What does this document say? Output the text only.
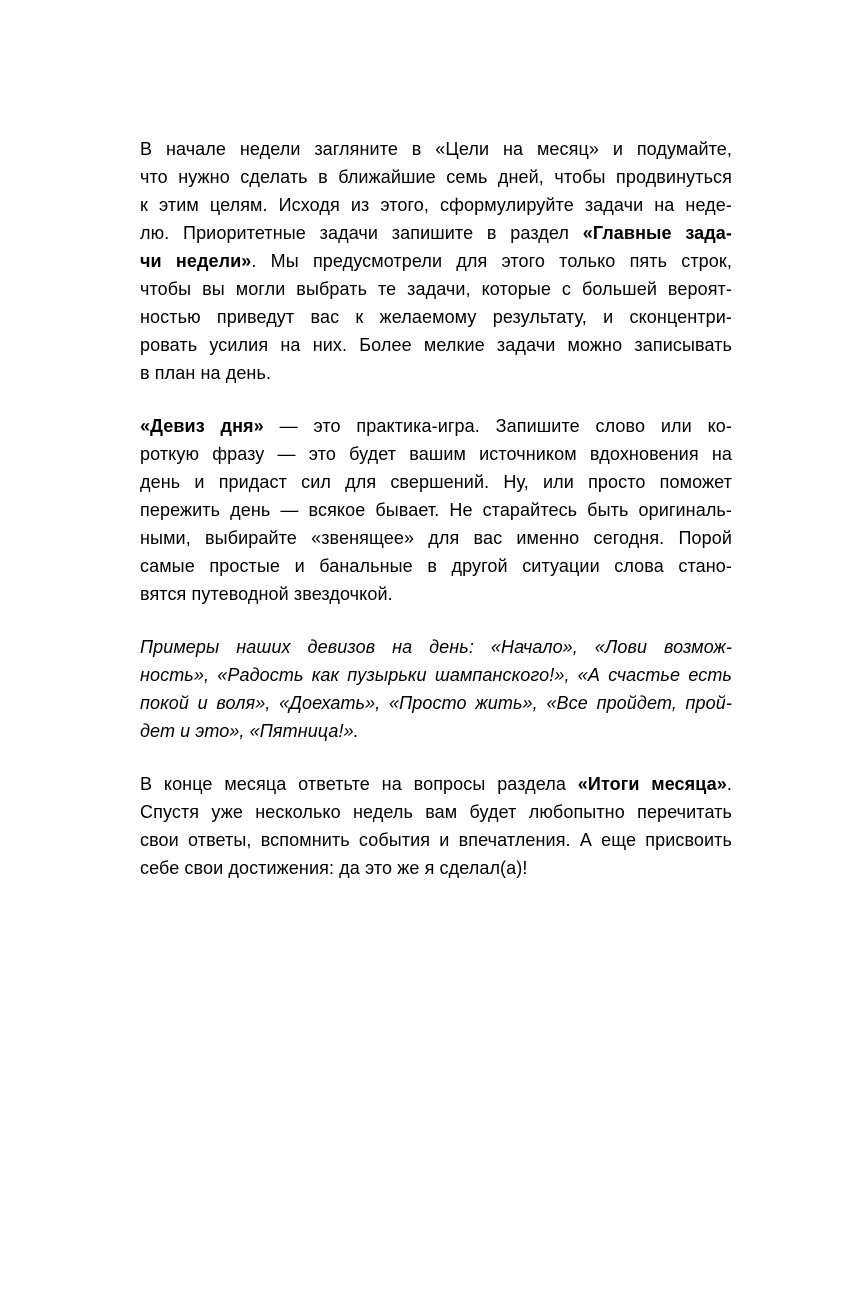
В начале недели загляните в «Цели на месяц» и подумайте,
что нужно сделать в ближайшие семь дней, чтобы продвинуться
к этим целям. Исходя из этого, сформулируйте задачи на неде-
лю. Приоритетные задачи запишите в раздел «Главные зада-
чи недели». Мы предусмотрели для этого только пять строк,
чтобы вы могли выбрать те задачи, которые с большей вероят-
ностью приведут вас к желаемому результату, и сконцентри-
ровать усилия на них. Более мелкие задачи можно записывать
в план на день.
«Девиз дня» — это практика-игра. Запишите слово или ко-
роткую фразу — это будет вашим источником вдохновения на
день и придаст сил для свершений. Ну, или просто поможет
пережить день — всякое бывает. Не старайтесь быть оригиналь-
ными, выбирайте «звенящее» для вас именно сегодня. Порой
самые простые и банальные в другой ситуации слова стано-
вятся путеводной звездочкой.
Примеры наших девизов на день: «Начало», «Лови возмож-
ность», «Радость как пузырьки шампанского!», «А счастье есть
покой и воля», «Доехать», «Просто жить», «Все пройдет, прой-
дет и это», «Пятница!».
В конце месяца ответьте на вопросы раздела «Итоги месяца».
Спустя уже несколько недель вам будет любопытно перечитать
свои ответы, вспомнить события и впечатления. А еще присвоить
себе свои достижения: да это же я сделал(а)!
